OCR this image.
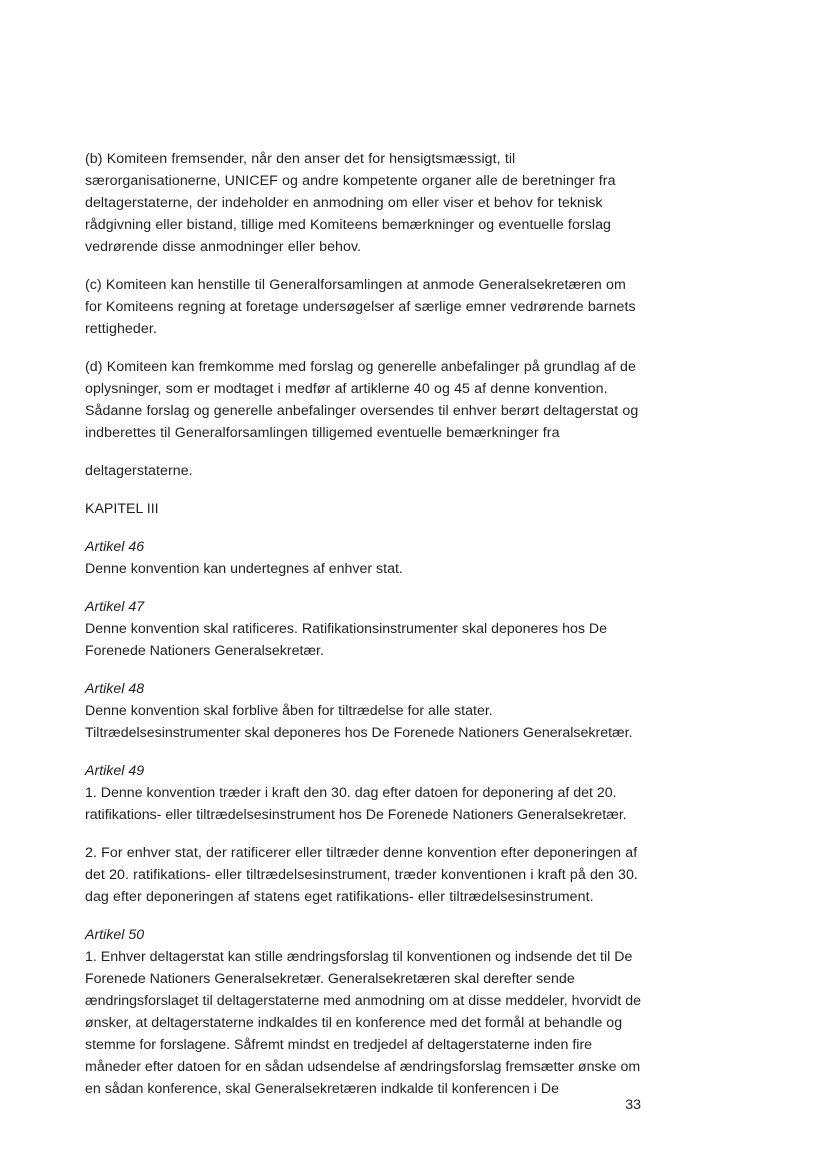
(b) Komiteen fremsender, når den anser det for hensigtsmæssigt, til særorganisationerne, UNICEF og andre kompetente organer alle de beretninger fra deltagerstaterne, der indeholder en anmodning om eller viser et behov for teknisk rådgivning eller bistand, tillige med Komiteens bemærkninger og eventuelle forslag vedrørende disse anmodninger eller behov.

(c) Komiteen kan henstille til Generalforsamlingen at anmode Generalsekretæren om for Komiteens regning at foretage undersøgelser af særlige emner vedrørende barnets rettigheder.

(d) Komiteen kan fremkomme med forslag og generelle anbefalinger på grundlag af de oplysninger, som er modtaget i medfør af artiklerne 40 og 45 af denne konvention. Sådanne forslag og generelle anbefalinger oversendes til enhver berørt deltagerstat og indberettes til Generalforsamlingen tilligemed eventuelle bemærkninger fra

deltagerstaterne.

KAPITEL III

Artikel 46

Denne konvention kan undertegnes af enhver stat.

Artikel 47

Denne konvention skal ratificeres. Ratifikationsinstrumenter skal deponeres hos De Forenede Nationers Generalsekretær.

Artikel 48

Denne konvention skal forblive åben for tiltrædelse for alle stater. Tiltrædelsesinstrumenter skal deponeres hos De Forenede Nationers Generalsekretær.

Artikel 49

1. Denne konvention træder i kraft den 30. dag efter datoen for deponering af det 20. ratifikations- eller tiltrædelsesinstrument hos De Forenede Nationers Generalsekretær.

2. For enhver stat, der ratificerer eller tiltræder denne konvention efter deponeringen af det 20. ratifikations- eller tiltrædelsesinstrument, træder konventionen i kraft på den 30. dag efter deponeringen af statens eget ratifikations- eller tiltrædelsesinstrument.

Artikel 50

1. Enhver deltagerstat kan stille ændringsforslag til konventionen og indsende det til De Forenede Nationers Generalsekretær. Generalsekretæren skal derefter sende ændringsforslaget til deltagerstaterne med anmodning om at disse meddeler, hvorvidt de ønsker, at deltagerstaterne indkaldes til en konference med det formål at behandle og stemme for forslagene. Såfremt mindst en tredjedel af deltagerstaterne inden fire måneder efter datoen for en sådan udsendelse af ændringsforslag fremsætter ønske om en sådan konference, skal Generalsekretæren indkalde til konferencen i De

33
